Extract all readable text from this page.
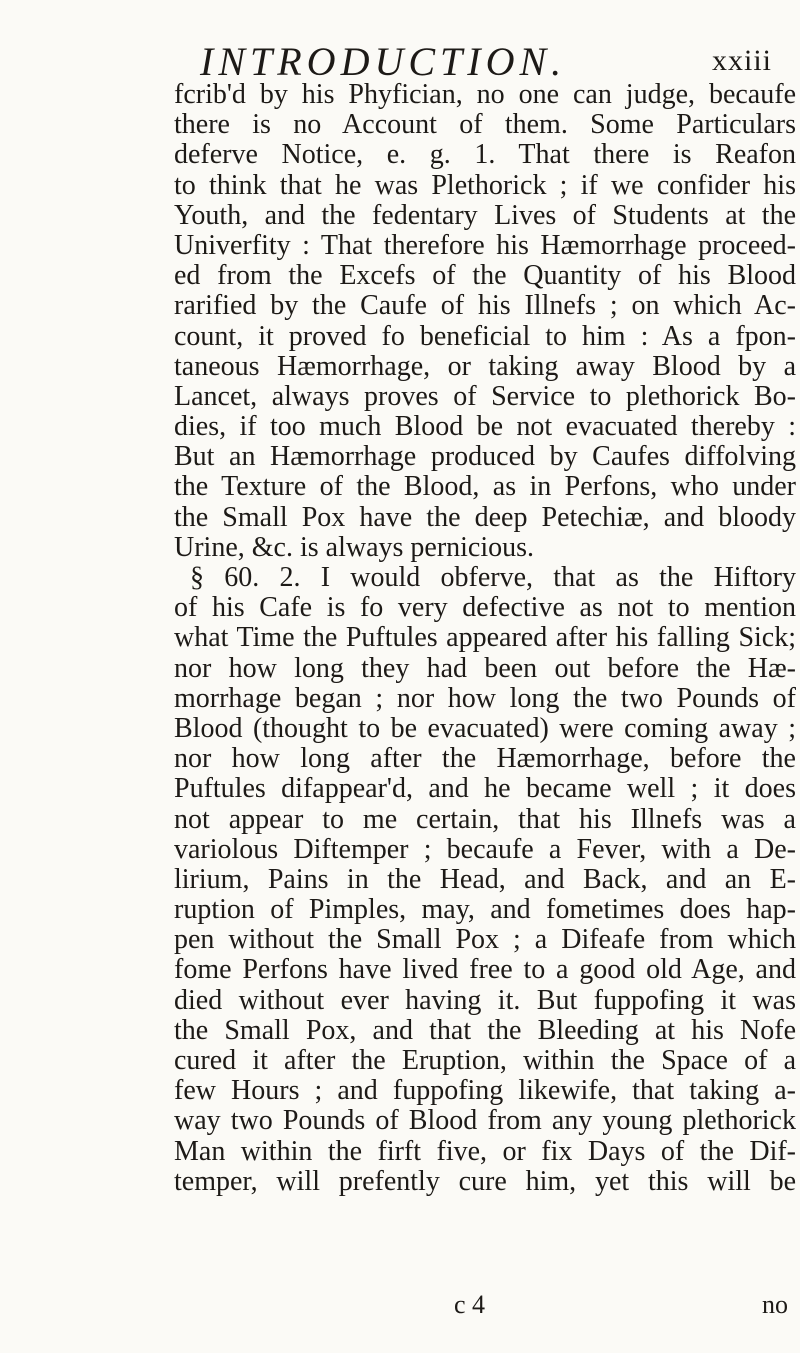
INTRODUCTION.	xxiii
fcrib'd by his Phyfician, no one can judge, becaufe
there is no Account of them. Some Particulars
deferve Notice, e. g. 1. That there is Reafon
to think that he was Plethorick ; if we confider his
Youth, and the fedentary Lives of Students at the
Univerfity : That therefore his Hæmorrhage proceed-
ed from the Excefs of the Quantity of his Blood
rarified by the Caufe of his Illnefs ; on which Ac-
count, it proved fo beneficial to him : As a fpon-
taneous Hæmorrhage, or taking away Blood by a
Lancet, always proves of Service to plethorick Bo-
dies, if too much Blood be not evacuated thereby :
But an Hæmorrhage produced by Caufes diffolving
the Texture of the Blood, as in Perfons, who under
the Small Pox have the deep Petechiæ, and bloody
Urine, &c. is always pernicious.
§ 60. 2. I would obferve, that as the Hiftory
of his Cafe is fo very defective as not to mention
what Time the Puftules appeared after his falling Sick;
nor how long they had been out before the Hæ-
morrhage began ; nor how long the two Pounds of
Blood (thought to be evacuated) were coming away ;
nor how long after the Hæmorrhage, before the
Puftules difappear'd, and he became well ; it does
not appear to me certain, that his Illnefs was a
variolous Diftemper ; becaufe a Fever, with a De-
lirium, Pains in the Head, and Back, and an E-
ruption of Pimples, may, and fometimes does hap-
pen without the Small Pox ; a Difeafe from which
fome Perfons have lived free to a good old Age, and
died without ever having it. But fuppofing it was
the Small Pox, and that the Bleeding at his Nofe
cured it after the Eruption, within the Space of a
few Hours ; and fuppofing likewife, that taking a-
way two Pounds of Blood from any young plethorick
Man within the firft five, or fix Days of the Dif-
temper, will prefently cure him, yet this will be
c 4	no
